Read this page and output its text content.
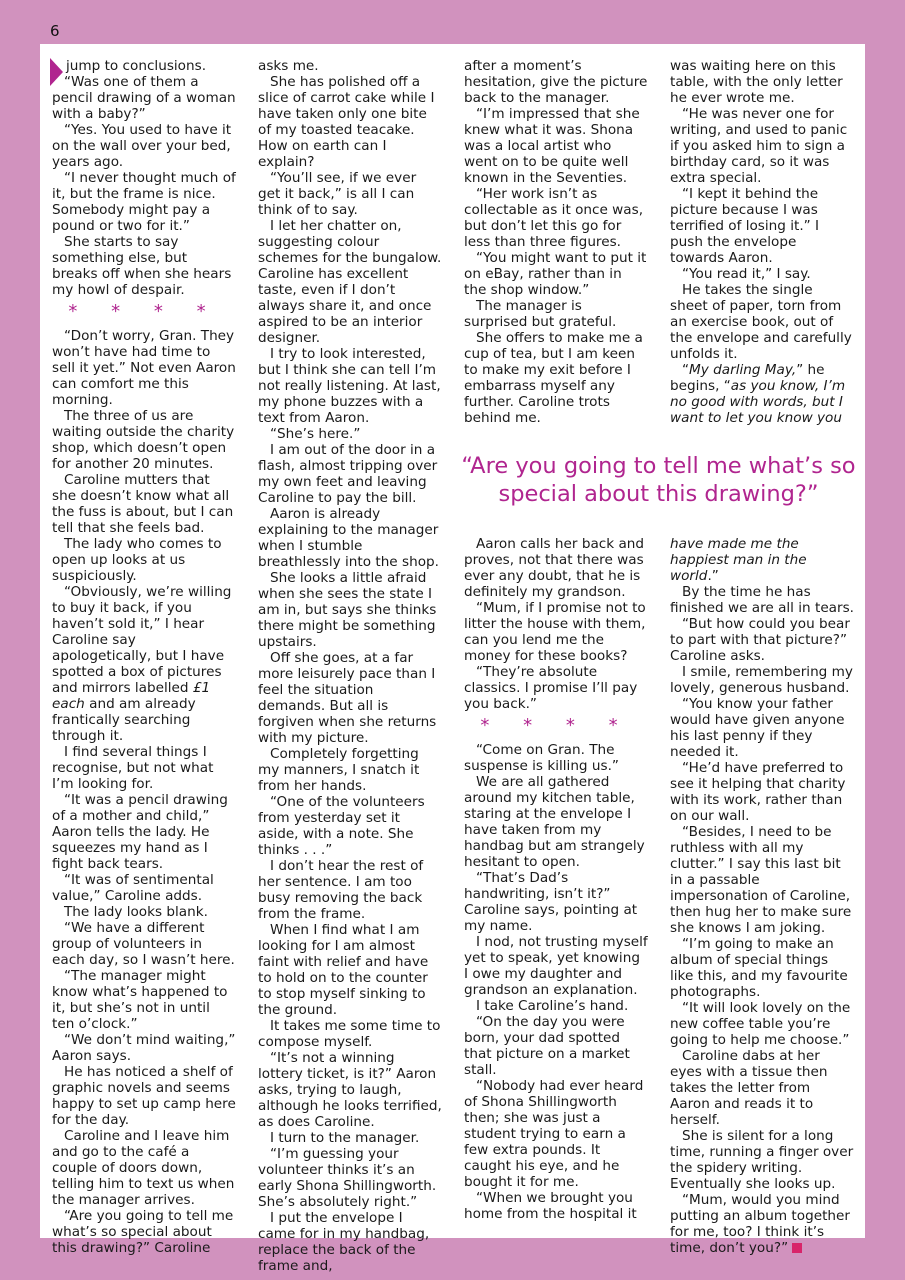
6

jump to conclusions.

“Was one of them a pencil drawing of a woman with a baby?”

“Yes. You used to have it on the wall over your bed, years ago.

“I never thought much of it, but the frame is nice. Somebody might pay a pound or two for it.”

She starts to say something else, but breaks off when she hears my howl of despair.

* * * *

“Don’t worry, Gran. They won’t have had time to sell it yet.” Not even Aaron can comfort me this morning.

The three of us are waiting outside the charity shop, which doesn’t open for another 20 minutes.

Caroline mutters that she doesn’t know what all the fuss is about, but I can tell that she feels bad.

The lady who comes to open up looks at us suspiciously.

“Obviously, we’re willing to buy it back, if you haven’t sold it,” I hear Caroline say apologetically, but I have spotted a box of pictures and mirrors labelled £1 each and am already frantically searching through it.

I find several things I recognise, but not what I’m looking for.

“It was a pencil drawing of a mother and child,” Aaron tells the lady. He squeezes my hand as I fight back tears.

“It was of sentimental value,” Caroline adds.

The lady looks blank.

“We have a different group of volunteers in each day, so I wasn’t here.

“The manager might know what’s happened to it, but she’s not in until ten o’clock.”

“We don’t mind waiting,” Aaron says.

He has noticed a shelf of graphic novels and seems happy to set up camp here for the day.

Caroline and I leave him and go to the café a couple of doors down, telling him to text us when the manager arrives.

“Are you going to tell me what’s so special about this drawing?” Caroline

asks me.

She has polished off a slice of carrot cake while I have taken only one bite of my toasted teacake. How on earth can I explain?

“You’ll see, if we ever get it back,” is all I can think of to say.

I let her chatter on, suggesting colour schemes for the bungalow. Caroline has excellent taste, even if I don’t always share it, and once aspired to be an interior designer.

I try to look interested, but I think she can tell I’m not really listening. At last, my phone buzzes with a text from Aaron.

“She’s here.”

I am out of the door in a flash, almost tripping over my own feet and leaving Caroline to pay the bill.

Aaron is already explaining to the manager when I stumble breathlessly into the shop.

She looks a little afraid when she sees the state I am in, but says she thinks there might be something upstairs.

Off she goes, at a far more leisurely pace than I feel the situation demands. But all is forgiven when she returns with my picture.

Completely forgetting my manners, I snatch it from her hands.

“One of the volunteers from yesterday set it aside, with a note. She thinks . . .”

I don’t hear the rest of her sentence. I am too busy removing the back from the frame.

When I find what I am looking for I am almost faint with relief and have to hold on to the counter to stop myself sinking to the ground.

It takes me some time to compose myself.

“It’s not a winning lottery ticket, is it?” Aaron asks, trying to laugh, although he looks terrified, as does Caroline.

I turn to the manager.

“I’m guessing your volunteer thinks it’s an early Shona Shillingworth. She’s absolutely right.”

I put the envelope I came for in my handbag, replace the back of the frame and,

after a moment’s hesitation, give the picture back to the manager.

“I’m impressed that she knew what it was. Shona was a local artist who went on to be quite well known in the Seventies.

“Her work isn’t as collectable as it once was, but don’t let this go for less than three figures.

“You might want to put it on eBay, rather than in the shop window.”

The manager is surprised but grateful.

She offers to make me a cup of tea, but I am keen to make my exit before I embarrass myself any further. Caroline trots behind me.

was waiting here on this table, with the only letter he ever wrote me.

“He was never one for writing, and used to panic if you asked him to sign a birthday card, so it was extra special.

“I kept it behind the picture because I was terrified of losing it.” I push the envelope towards Aaron.

“You read it,” I say.

He takes the single sheet of paper, torn from an exercise book, out of the envelope and carefully unfolds it.

“My darling May,” he begins, “as you know, I’m no good with words, but I want to let you know you

“Are you going to tell me what’s so special about this drawing?”

Aaron calls her back and proves, not that there was ever any doubt, that he is definitely my grandson.

“Mum, if I promise not to litter the house with them, can you lend me the money for these books?

“They’re absolute classics. I promise I’ll pay you back.”

* * * *

“Come on Gran. The suspense is killing us.”

We are all gathered around my kitchen table, staring at the envelope I have taken from my handbag but am strangely hesitant to open.

“That’s Dad’s handwriting, isn’t it?” Caroline says, pointing at my name.

I nod, not trusting myself yet to speak, yet knowing I owe my daughter and grandson an explanation.

I take Caroline’s hand.

“On the day you were born, your dad spotted that picture on a market stall.

“Nobody had ever heard of Shona Shillingworth then; she was just a student trying to earn a few extra pounds. It caught his eye, and he bought it for me.

“When we brought you home from the hospital it

have made me the happiest man in the world.”

By the time he has finished we are all in tears.

“But how could you bear to part with that picture?” Caroline asks.

I smile, remembering my lovely, generous husband.

“You know your father would have given anyone his last penny if they needed it.

“He’d have preferred to see it helping that charity with its work, rather than on our wall.

“Besides, I need to be ruthless with all my clutter.” I say this last bit in a passable impersonation of Caroline, then hug her to make sure she knows I am joking.

“I’m going to make an album of special things like this, and my favourite photographs.

“It will look lovely on the new coffee table you’re going to help me choose.”

Caroline dabs at her eyes with a tissue then takes the letter from Aaron and reads it to herself.

She is silent for a long time, running a finger over the spidery writing. Eventually she looks up.

“Mum, would you mind putting an album together for me, too? I think it’s time, don’t you?”
